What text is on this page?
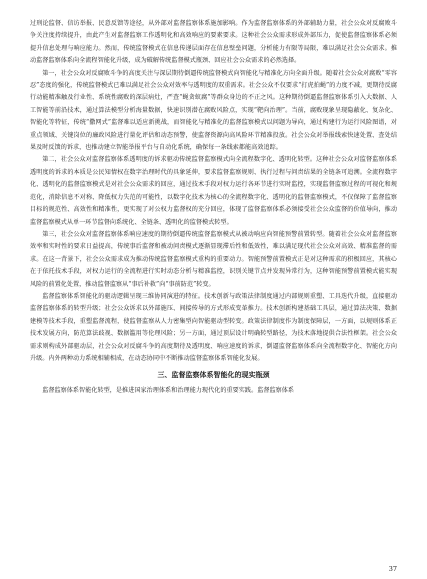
过刑论监督、信访举报、民意反馈等途径，从外部对监督监察体系施加影响。作为监督监察体系的外部辅助力量，社会公众对反腐败斗争关注度持续提升，由此产生对监督监察工作透明化和高效响应的要素要求。这种社会公众需求形成外部压力，促使监督监察体系必须提升信息处理与响应能力。然而，传统监督模式在信息传递层面存在信息壁垒问题，分析能力有限等局限，难以满足社会公众需求。推动监督监察体系向全流程智能化升级，成为破解传统监督模式瓶颈、回应社会公众需求的必然选择。

第一，社会公众对反腐败斗争的高度关注与深层期待倒逼传统监督模式向智能化与精准化方向全面升级。随着社会公众对腐败“零容忍”态度的强化，传统监督模式已难以满足社会公众对效率与透明度的双重需求。社会公众不仅要求“打虎拍蝇”的力度不减，更期待反腐行动能精准触及行业性、系统性腐败的深层病灶，严查“蝇贪蚁腐”等群众身边的不正之风。这种期待倒逼监督监察体系引入大数据、人工智能等前沿技术，通过算法模型分析海量数据，快速识别潜在腐败风险点，实现“靶向治理”。当前，腐败现象呈现隐蔽化、复杂化、智能化等特征，传统“撒网式”监督难以适应新挑战，而智能化与精准化的监督监察模式以问题为导向，通过构建行为运行风险图谱，对重点领域、关键岗位的廉政风险进行量化评估和动态预警，使监督资源向高风险环节精准投放。社会公众对举报线索快速处置、查处结果及时反馈的诉求，也推动建立智能举报平台与自动化系统，确保每一条线索都能高效追踪。

第二，社会公众对监督监察体系透明度的诉求驱动传统监督监察模式向全流程数字化、透明化转型。这种社会公众对监督监察体系透明度的诉求的本质是公民知情权在数字治理时代的具象延伸，要求监督监察规则、执行过程与问责结果的全链条可追溯。全流程数字化、透明化的监督监察模式是对社会公众需求的回应，通过技术手段对权力运行各环节进行实时监控，实现监督监察过程的可视化和规范化，消除信息不对称、降低权力失范的可能性，以数字化技术为核心的全流程数字化、透明化的监督监察模式，不仅保障了监督监察目标的规范性、高效性和精准性，更实现了对公权力监督权的充分回应，体现了监督监察体系必须接受社会公众监督的价值导向，推动监督监察模式从单一环节监督向系统化、全链条、透明化的监督模式转型。

第三，社会公众对监督监察体系响应速度的期待倒逼传统监督监察模式从被动响应向智能预警前置转型。随着社会公众对监督监察效率和实时性的要求日益提高，传统事后监督和被动问责模式逐渐显现滞后性和低效性，难以满足现代社会公众对高效、精准监督的需求。在这一背景下，社会公众需求成为推动传统监督监察模式重构的重要动力。智能预警前置模式正是对这种需求的积极回应，其核心在于依托技术手段，对权力运行的全流程进行实时动态分析与精准监控，识别关键节点并发现异常行为，这种智能预警前置模式能实现风险的前置化处置，推动监督监察从“事后补救”向“事前防范”转变。

监督监察体系智能化的驱动逻辑呈现三维协同演进的特征。技术创新与政策法律制度通过内部规则重塑、工具迭代升级，直接驱动监督监察体系的转型升级；社会公众诉求以外部施压、间接传导的方式形成变革推力。技术创新构建基础工具层，通过算法决策、数据建模等技术手段，重塑监督流程，使监督监察从人力密集型向智能驱动型转变。政策法律制度作为制度保障层，一方面，以规则体系正技术发展方向，防范算法歧视、数据滥用等伦理风险；另一方面，通过顶层设计明确转型路径，为技术落地提供合法性框架。社会公众需求则构成外部驱动层，社会公众对反腐斗争的高度期待及透明度、响应速度的诉求，倒逼监督监察体系向全流程数字化、智能化方向升级。内外两种动力系统相辅相成，在动态协同中不断推动监督监察体系智能化发展。

三、监督监察体系智能化的现实瓶颈

监督监察体系智能化转型，是推进国家治理体系和治理能力现代化的重要实践。监督监察体系

37
